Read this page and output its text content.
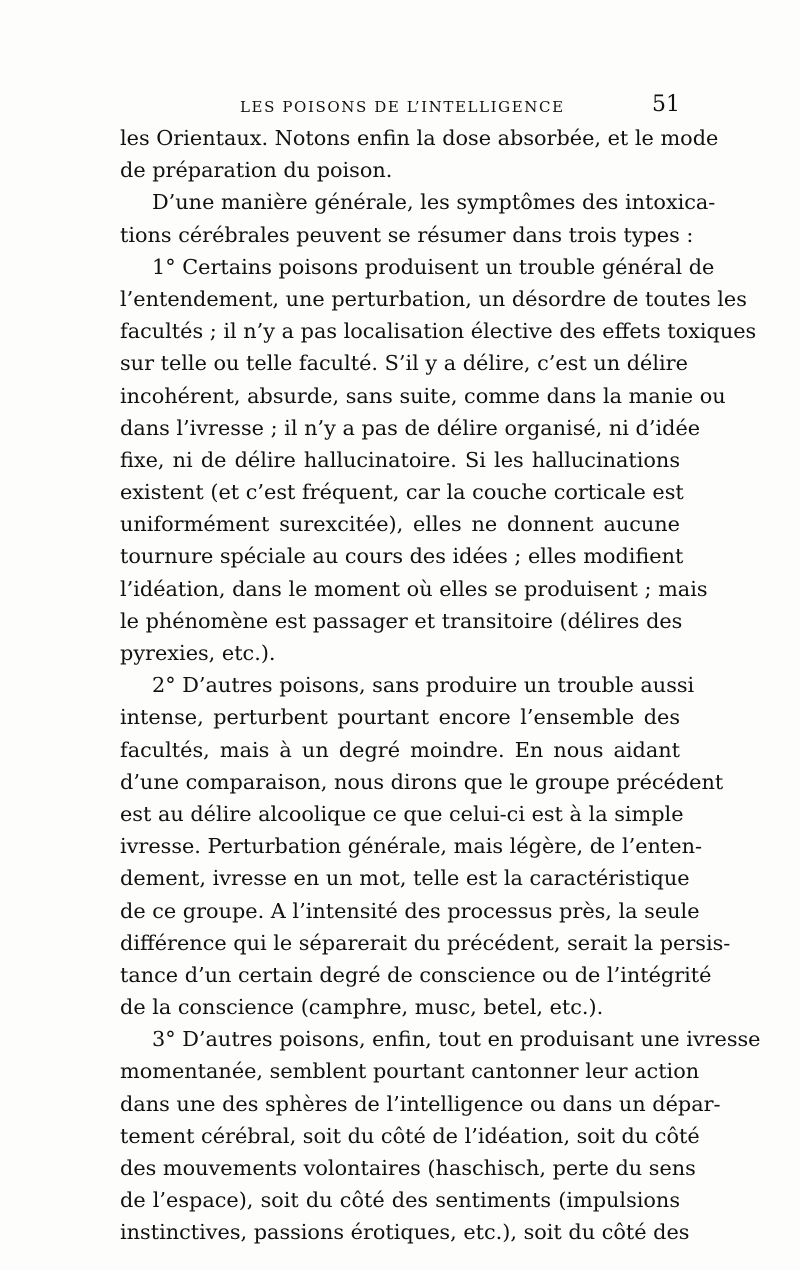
LES POISONS DE L’INTELLIGENCE	51
les Orientaux. Notons enfin la dose absorbée, et le mode
de préparation du poison.
D’une manière générale, les symptômes des intoxica-
tions cérébrales peuvent se résumer dans trois types :
1° Certains poisons produisent un trouble général de
l’entendement, une perturbation, un désordre de toutes les
facultés ; il n’y a pas localisation élective des effets toxiques
sur telle ou telle faculté. S’il y a délire, c’est un délire
incohérent, absurde, sans suite, comme dans la manie ou
dans l’ivresse ; il n’y a pas de délire organisé, ni d’idée
fixe, ni de délire hallucinatoire. Si les hallucinations
existent (et c’est fréquent, car la couche corticale est
uniformément surexcitée), elles ne donnent aucune
tournure spéciale au cours des idées ; elles modifient
l’idéation, dans le moment où elles se produisent ; mais
le phénomène est passager et transitoire (délires des
pyrexies, etc.).
2° D’autres poisons, sans produire un trouble aussi
intense, perturbent pourtant encore l’ensemble des
facultés, mais à un degré moindre. En nous aidant
d’une comparaison, nous dirons que le groupe précédent
est au délire alcoolique ce que celui-ci est à la simple
ivresse. Perturbation générale, mais légère, de l’enten-
dement, ivresse en un mot, telle est la caractéristique
de ce groupe. A l’intensité des processus près, la seule
différence qui le séparerait du précédent, serait la persis-
tance d’un certain degré de conscience ou de l’intégrité
de la conscience (camphre, musc, betel, etc.).
3° D’autres poisons, enfin, tout en produisant une ivresse
momentanée, semblent pourtant cantonner leur action
dans une des sphères de l’intelligence ou dans un dépar-
tement cérébral, soit du côté de l’idéation, soit du côté
des mouvements volontaires (haschisch, perte du sens
de l’espace), soit du côté des sentiments (impulsions
instinctives, passions érotiques, etc.), soit du côté des
